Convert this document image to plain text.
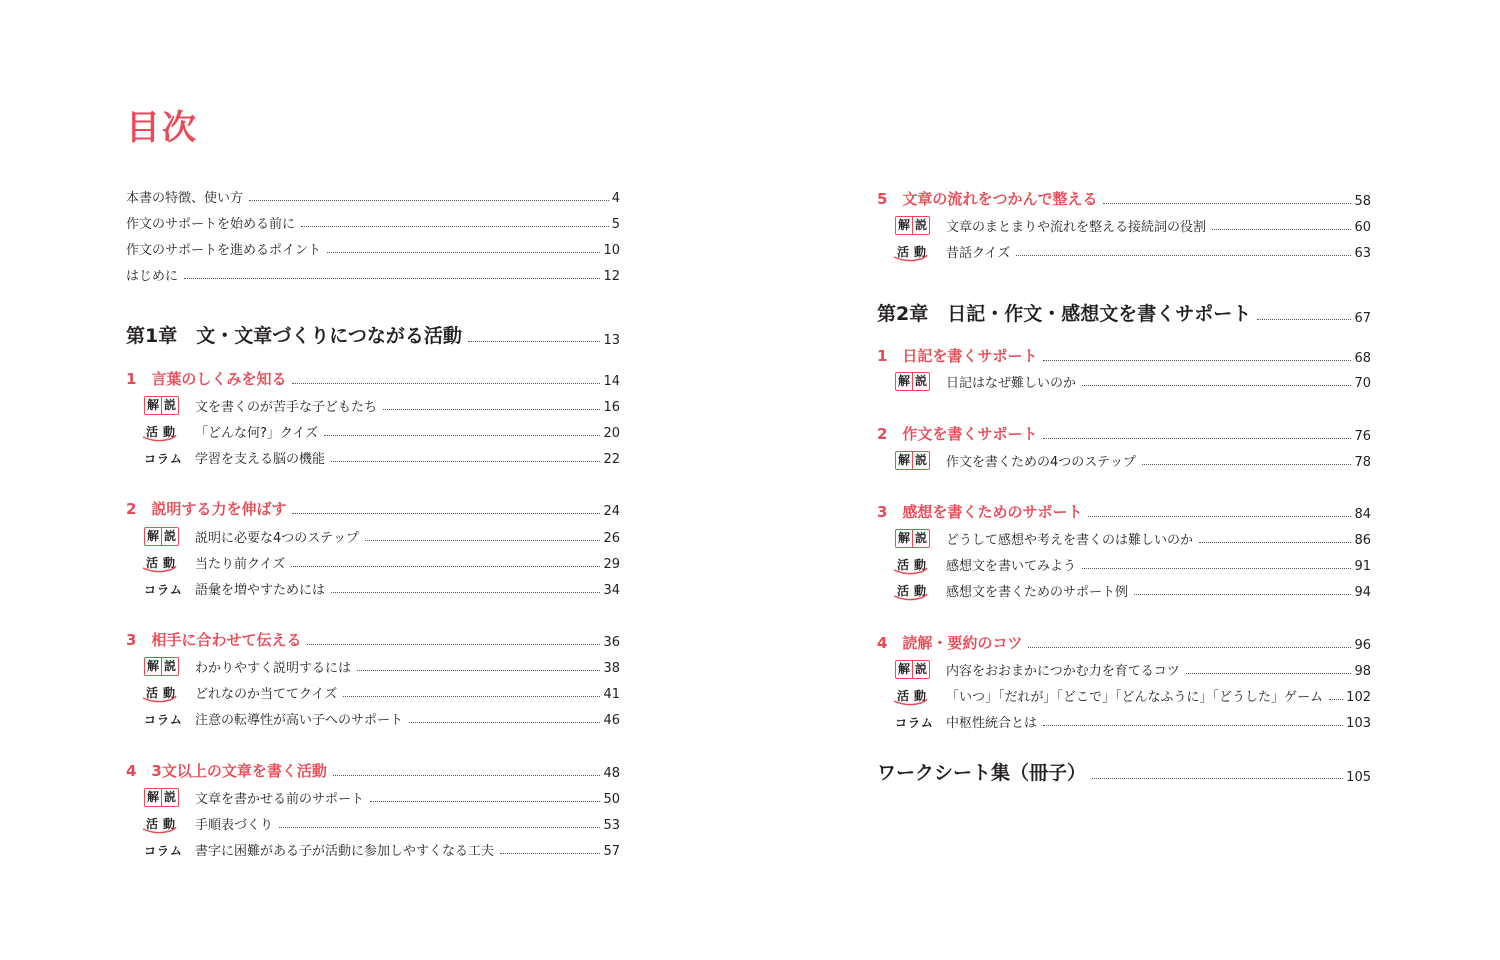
目次
本書の特徴、使い方	4
作文のサポートを始める前に	5
作文のサポートを進めるポイント	10
はじめに	12
第1章　文・文章づくりにつながる活動	13
1　言葉のしくみを知る	14
解 説 文を書くのが苦手な子どもたち	16
活動 「どんな何?」クイズ	20
コラム 学習を支える脳の機能	22
2　説明する力を伸ばす	24
解 説 説明に必要な4つのステップ	26
活動 当たり前クイズ	29
コラム 語彙を増やすためには	34
3　相手に合わせて伝える	36
解 説 わかりやすく説明するには	38
活動 どれなのか当ててクイズ	41
コラム 注意の転導性が高い子へのサポート	46
4　3文以上の文章を書く活動	48
解 説 文章を書かせる前のサポート	50
活動 手順表づくり	53
コラム 書字に困難がある子が活動に参加しやすくなる工夫	57
5　文章の流れをつかんで整える	58
解 説 文章のまとまりや流れを整える接続詞の役割	60
活動 昔話クイズ	63
第2章　日記・作文・感想文を書くサポート	67
1　日記を書くサポート	68
解 説 日記はなぜ難しいのか	70
2　作文を書くサポート	76
解 説 作文を書くための4つのステップ	78
3　感想を書くためのサポート	84
解 説 どうして感想や考えを書くのは難しいのか	86
活動 感想文を書いてみよう	91
活動 感想文を書くためのサポート例	94
4　読解・要約のコツ	96
解 説 内容をおおまかにつかむ力を育てるコツ	98
活動 「いつ」「だれが」「どこで」「どんなふうに」「どうした」ゲーム 102
コラム 中枢性統合とは	103
ワークシート集（冊子）	105
